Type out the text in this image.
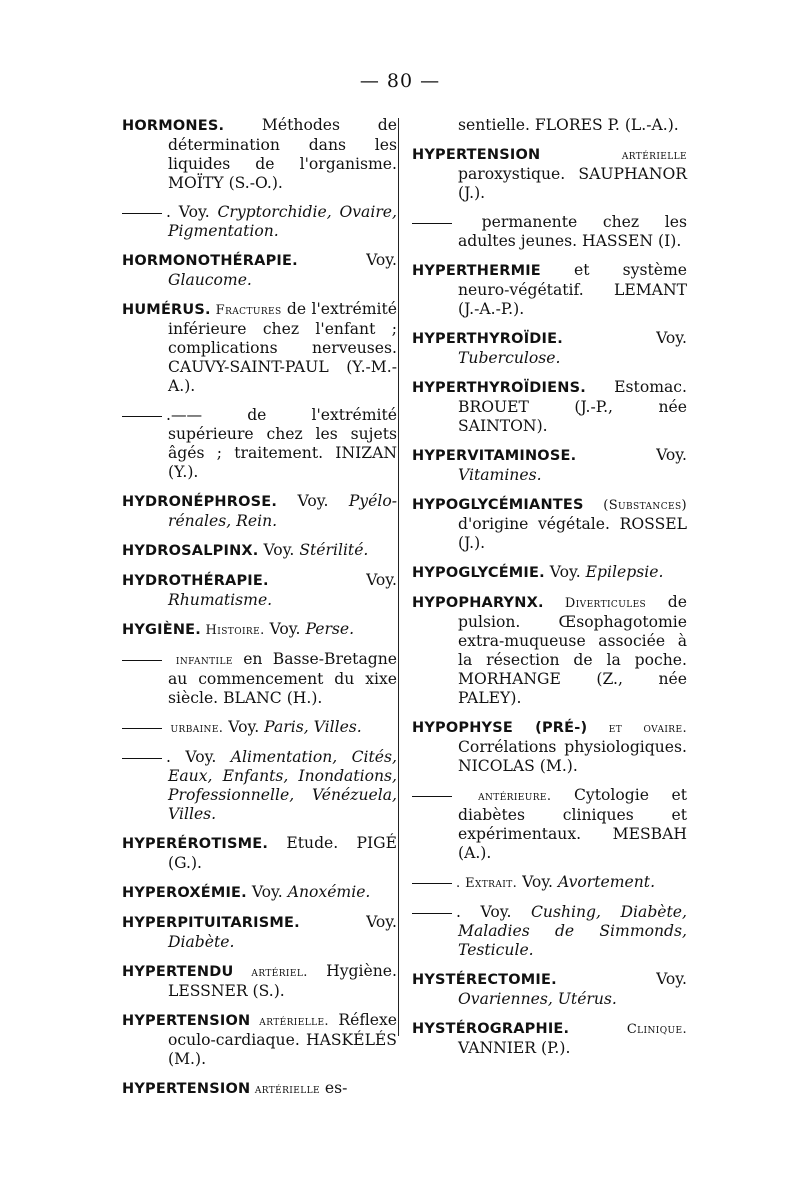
— 80 —
HORMONES. Méthodes de détermination dans les liquides de l'organisme. MOÏTY (S.-O.).
. Voy. Cryptorchidie, Ovaire, Pigmentation.
HORMONOTHÉRAPIE. Voy. Glaucome.
HUMÉRUS. Fractures de l'extrémité inférieure chez l'enfant ; complications nerveuses. CAUVY-SAINT-PAUL (Y.-M.-A.).
.—— de l'extrémité supérieure chez les sujets âgés ; traitement. INIZAN (Y.).
HYDRONÉPHROSE. Voy. Pyélo-rénales, Rein.
HYDROSALPINX. Voy. Stérilité.
HYDROTHÉRAPIE. Voy. Rhumatisme.
HYGIÈNE. Histoire. Voy. Perse.
infantile en Basse-Bretagne au commencement du xixe siècle. BLANC (H.).
urbaine. Voy. Paris, Villes.
. Voy. Alimentation, Cités, Eaux, Enfants, Inondations, Professionnelle, Vénézuela, Villes.
HYPERÉROTISME. Etude. PIGÉ (G.).
HYPEROXÉMIE. Voy. Anoxémie.
HYPERPITUITARISME. Voy. Diabète.
HYPERTENDU artériel. Hygiène. LESSNER (S.).
HYPERTENSION artérielle. Réflexe oculo-cardiaque. HASKÉLÉS (M.).
HYPERTENSION artérielle es-
sentielle. FLORES P. (L.-A.).
HYPERTENSION artérielle paroxystique. SAUPHANOR (J.).
permanente chez les adultes jeunes. HASSEN (I).
HYPERTHERMIE et système neuro-végétatif. LEMANT (J.-A.-P.).
HYPERTHYROÏDIE. Voy. Tuberculose.
HYPERTHYROÏDIENS. Estomac. BROUET (J.-P., née SAINTON).
HYPERVITAMINOSE. Voy. Vitamines.
HYPOGLYCÉMIANTES (Substances) d'origine végétale. ROSSEL (J.).
HYPOGLYCÉMIE. Voy. Epilepsie.
HYPOPHARYNX. Diverticules de pulsion. Œsophagotomie extra-muqueuse associée à la résection de la poche. MORHANGE (Z., née PALEY).
HYPOPHYSE (PRÉ-) et ovaire. Corrélations physiologiques. NICOLAS (M.).
antérieure. Cytologie et diabètes cliniques et expérimentaux. MESBAH (A.).
. Extrait. Voy. Avortement.
. Voy. Cushing, Diabète, Maladies de Simmonds, Testicule.
HYSTÉRECTOMIE. Voy. Ovariennes, Utérus.
HYSTÉROGRAPHIE. Clinique. VANNIER (P.).
